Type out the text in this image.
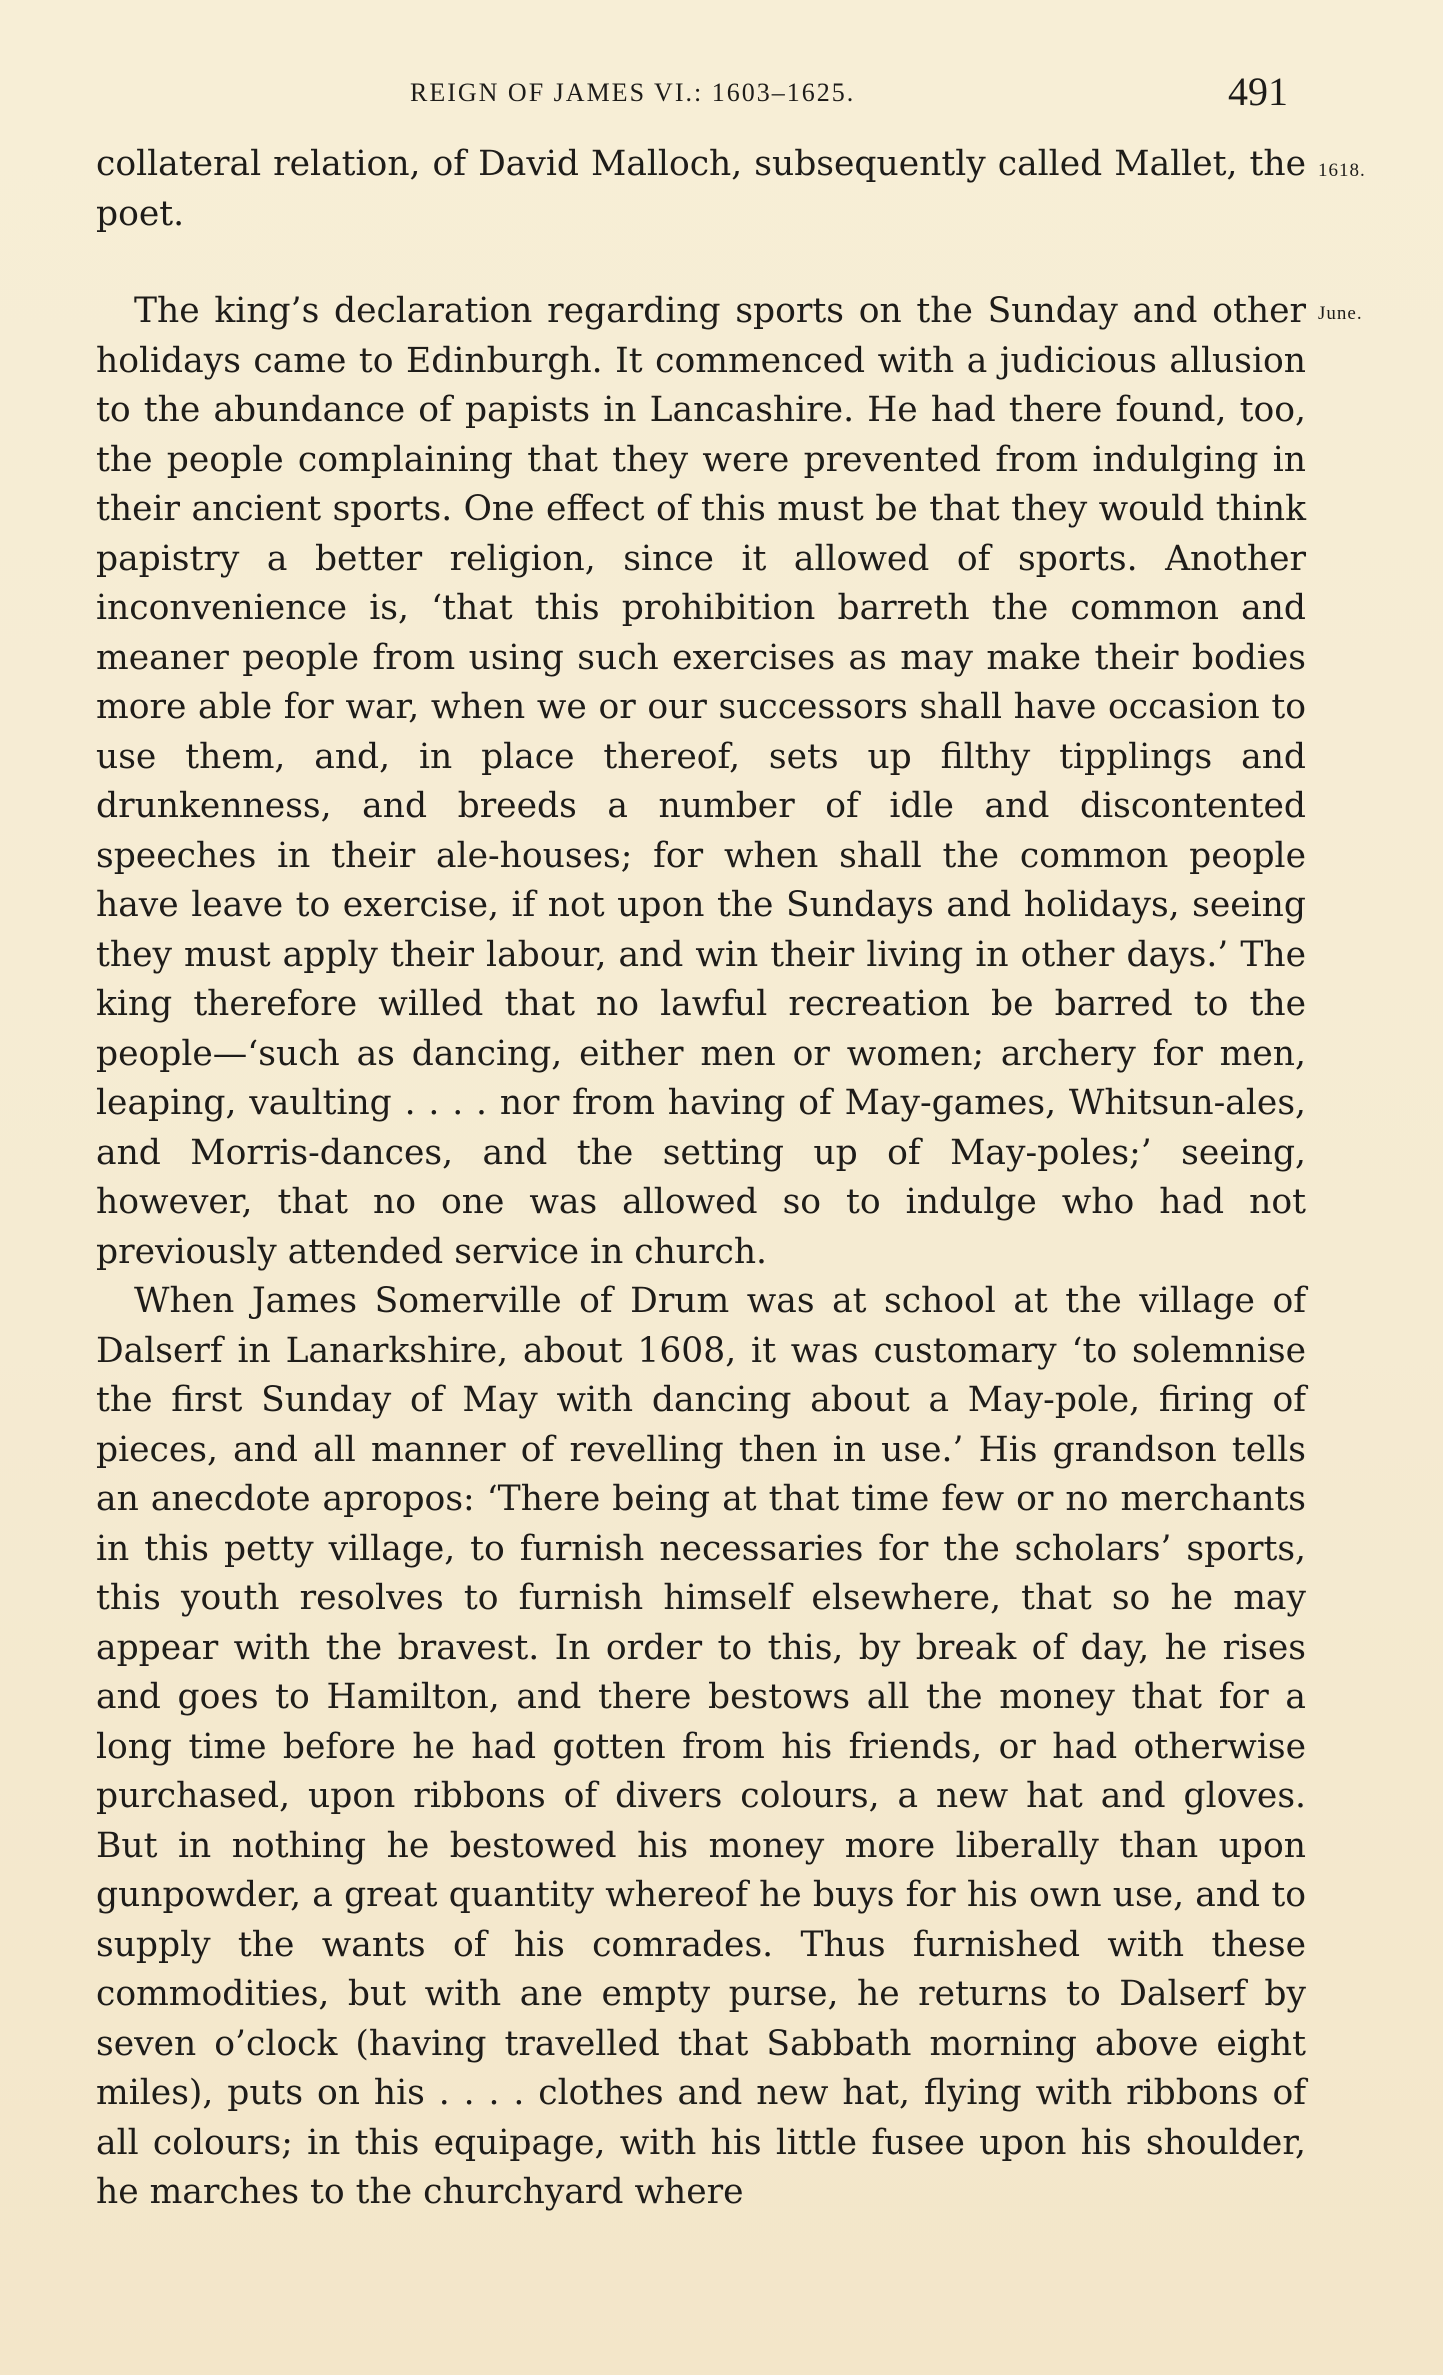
REIGN OF JAMES VI.: 1603–1625.	491
1618.
June.

collateral relation, of David Malloch, subsequently called Mallet, the poet.

The king’s declaration regarding sports on the Sunday and other holidays came to Edinburgh. It commenced with a judicious allusion to the abundance of papists in Lancashire. He had there found, too, the people complaining that they were prevented from indulging in their ancient sports. One effect of this must be that they would think papistry a better religion, since it allowed of sports. Another inconvenience is, ‘that this prohibition barreth the common and meaner people from using such exercises as may make their bodies more able for war, when we or our successors shall have occasion to use them, and, in place thereof, sets up filthy tipplings and drunkenness, and breeds a number of idle and discontented speeches in their ale-houses; for when shall the common people have leave to exercise, if not upon the Sundays and holidays, seeing they must apply their labour, and win their living in other days.’ The king therefore willed that no lawful recreation be barred to the people—‘such as dancing, either men or women; archery for men, leaping, vaulting . . . . nor from having of May-games, Whitsun-ales, and Morris-dances, and the setting up of May-poles;’ seeing, however, that no one was allowed so to indulge who had not previously attended service in church.

When James Somerville of Drum was at school at the village of Dalserf in Lanarkshire, about 1608, it was customary ‘to solemnise the first Sunday of May with dancing about a May-pole, firing of pieces, and all manner of revelling then in use.’ His grandson tells an anecdote apropos: ‘There being at that time few or no merchants in this petty village, to furnish necessaries for the scholars’ sports, this youth resolves to furnish himself elsewhere, that so he may appear with the bravest. In order to this, by break of day, he rises and goes to Hamilton, and there bestows all the money that for a long time before he had gotten from his friends, or had otherwise purchased, upon ribbons of divers colours, a new hat and gloves. But in nothing he bestowed his money more liberally than upon gunpowder, a great quantity whereof he buys for his own use, and to supply the wants of his comrades. Thus furnished with these commodities, but with ane empty purse, he returns to Dalserf by seven o’clock (having travelled that Sabbath morning above eight miles), puts on his . . . . clothes and new hat, flying with ribbons of all colours; in this equipage, with his little fusee upon his shoulder, he marches to the churchyard where
